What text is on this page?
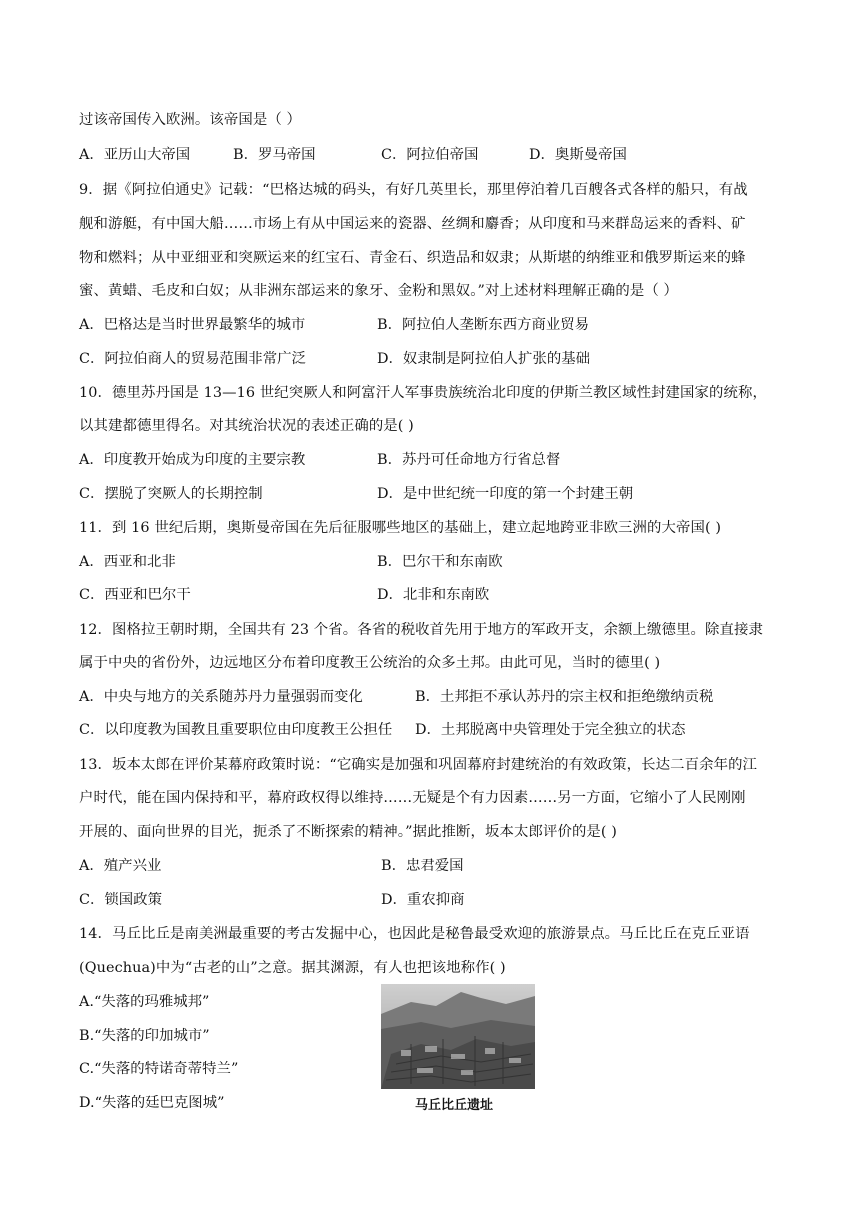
过该帝国传入欧洲。该帝国是（ ）
A．亚历山大帝国	B．罗马帝国	C．阿拉伯帝国	D．奥斯曼帝国
9．据《阿拉伯通史》记载：“巴格达城的码头，有好几英里长，那里停泊着几百艘各式各样的船只，有战
舰和游艇，有中国大船……市场上有从中国运来的瓷器、丝绸和麝香；从印度和马来群岛运来的香料、矿
物和燃料；从中亚细亚和突厥运来的红宝石、青金石、织造品和奴隶；从斯堪的纳维亚和俄罗斯运来的蜂
蜜、黄蜡、毛皮和白奴；从非洲东部运来的象牙、金粉和黑奴。”对上述材料理解正确的是（ ）
A．巴格达是当时世界最繁华的城市	B．阿拉伯人垄断东西方商业贸易
C．阿拉伯商人的贸易范围非常广泛	D．奴隶制是阿拉伯人扩张的基础
10．德里苏丹国是 13—16 世纪突厥人和阿富汗人军事贵族统治北印度的伊斯兰教区域性封建国家的统称，
以其建都德里得名。对其统治状况的表述正确的是( )
A．印度教开始成为印度的主要宗教	B．苏丹可任命地方行省总督
C．摆脱了突厥人的长期控制	D．是中世纪统一印度的第一个封建王朝
11．到 16 世纪后期，奥斯曼帝国在先后征服哪些地区的基础上，建立起地跨亚非欧三洲的大帝国( )
A．西亚和北非	B．巴尔干和东南欧
C．西亚和巴尔干	D．北非和东南欧
12．图格拉王朝时期，全国共有 23 个省。各省的税收首先用于地方的军政开支，余额上缴德里。除直接隶
属于中央的省份外，边远地区分布着印度教王公统治的众多土邦。由此可见，当时的德里( )
A．中央与地方的关系随苏丹力量强弱而变化	B．土邦拒不承认苏丹的宗主权和拒绝缴纳贡税
C．以印度教为国教且重要职位由印度教王公担任 D．土邦脱离中央管理处于完全独立的状态
13．坂本太郎在评价某幕府政策时说：“它确实是加强和巩固幕府封建统治的有效政策，长达二百余年的江
户时代，能在国内保持和平，幕府政权得以维持……无疑是个有力因素……另一方面，它缩小了人民刚刚
开展的、面向世界的目光，扼杀了不断探索的精神。”据此推断，坂本太郎评价的是( )
A．殖产兴业	B．忠君爱国
C．锁国政策	D．重农抑商
14．马丘比丘是南美洲最重要的考古发掘中心，也因此是秘鲁最受欢迎的旅游景点。马丘比丘在克丘亚语
(Quechua)中为“古老的山”之意。据其渊源，有人也把该地称作( )
A.“失落的玛雅城邦”
B.“失落的印加城市”
C.“失落的特诺奇蒂特兰”
D.“失落的廷巴克图城”	马丘比丘遗址
